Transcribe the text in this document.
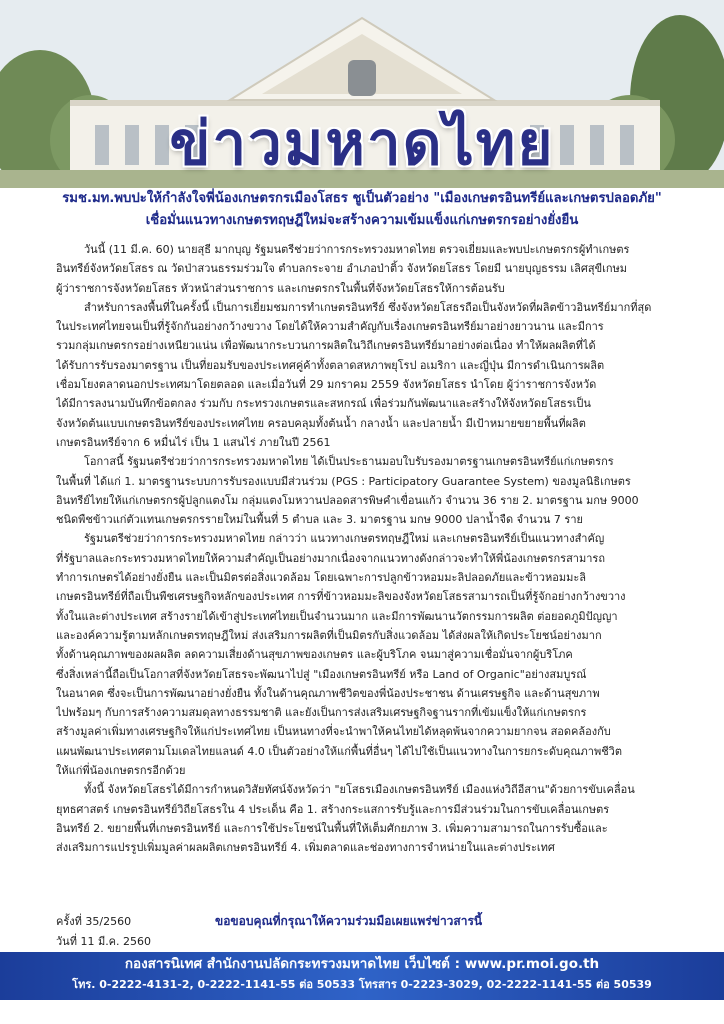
ข่าวมหาดไทย
รมช.มท.พบปะให้กำลังใจพี่น้องเกษตรกรเมืองโสธร ชูเป็นตัวอย่าง "เมืองเกษตรอินทรีย์และเกษตรปลอดภัย"
เชื่อมั่นแนวทางเกษตรทฤษฎีใหม่จะสร้างความเข้มแข็งแก่เกษตรกรอย่างยั่งยืน

วันนี้ (11 มี.ค. 60) นายสุธี มากบุญ รัฐมนตรีช่วยว่าการกระทรวงมหาดไทย ตรวจเยี่ยมและพบปะเกษตรกรผู้ทำเกษตร
อินทรีย์จังหวัดยโสธร ณ วัดป่าสวนธรรมร่วมใจ ตำบลกระจาย อำเภอป่าติ้ว จังหวัดยโสธร โดยมี นายบุญธรรม เลิศสุขีเกษม
ผู้ว่าราชการจังหวัดยโสธร หัวหน้าส่วนราชการ และเกษตรกรในพื้นที่จังหวัดยโสธรให้การต้อนรับ

สำหรับการลงพื้นที่ในครั้งนี้ เป็นการเยี่ยมชมการทำเกษตรอินทรีย์ ซึ่งจังหวัดยโสธรถือเป็นจังหวัดที่ผลิตข้าวอินทรีย์มากที่สุด
ในประเทศไทยจนเป็นที่รู้จักกันอย่างกว้างขวาง โดยได้ให้ความสำคัญกับเรื่องเกษตรอินทรีย์มาอย่างยาวนาน และมีการ
รวมกลุ่มเกษตรกรอย่างเหนียวแน่น เพื่อพัฒนากระบวนการผลิตในวิถีเกษตรอินทรีย์มาอย่างต่อเนื่อง ทำให้ผลผลิตที่ได้
ได้รับการรับรองมาตรฐาน เป็นที่ยอมรับของประเทศคู่ค้าทั้งตลาดสหภาพยุโรป อเมริกา และญี่ปุ่น มีการดำเนินการผลิต
เชื่อมโยงตลาดนอกประเทศมาโดยตลอด และเมื่อวันที่ 29 มกราคม 2559 จังหวัดยโสธร นำโดย ผู้ว่าราชการจังหวัด
ได้มีการลงนามบันทึกข้อตกลง ร่วมกับ กระทรวงเกษตรและสหกรณ์ เพื่อร่วมกันพัฒนาและสร้างให้จังหวัดยโสธรเป็น
จังหวัดต้นแบบเกษตรอินทรีย์ของประเทศไทย ครอบคลุมทั้งต้นน้ำ กลางน้ำ และปลายน้ำ มีเป้าหมายขยายพื้นที่ผลิต
เกษตรอินทรีย์จาก 6 หมื่นไร่ เป็น 1 แสนไร่ ภายในปี 2561

โอกาสนี้ รัฐมนตรีช่วยว่าการกระทรวงมหาดไทย ได้เป็นประธานมอบใบรับรองมาตรฐานเกษตรอินทรีย์แก่เกษตรกร
ในพื้นที่ ได้แก่ 1. มาตรฐานระบบการรับรองแบบมีส่วนร่วม (PGS : Participatory Guarantee System) ของมูลนิธิเกษตร
อินทรีย์ไทยให้แก่เกษตรกรผู้ปลูกแตงโม กลุ่มแตงโมหวานปลอดสารพิษคำเขื่อนแก้ว จำนวน 36 ราย 2. มาตรฐาน มกษ 9000
ชนิดพืชข้าวแก่ตัวแทนเกษตรกรรายใหม่ในพื้นที่ 5 ตำบล และ 3. มาตรฐาน มกษ 9000 ปลาน้ำจืด จำนวน 7 ราย

รัฐมนตรีช่วยว่าการกระทรวงมหาดไทย กล่าวว่า แนวทางเกษตรทฤษฎีใหม่ และเกษตรอินทรีย์เป็นแนวทางสำคัญ
ที่รัฐบาลและกระทรวงมหาดไทยให้ความสำคัญเป็นอย่างมากเนื่องจากแนวทางดังกล่าวจะทำให้พี่น้องเกษตรกรสามารถ
ทำการเกษตรได้อย่างยั่งยืน และเป็นมิตรต่อสิ่งแวดล้อม โดยเฉพาะการปลูกข้าวหอมมะลิปลอดภัยและข้าวหอมมะลิ
เกษตรอินทรีย์ที่ถือเป็นพืชเศรษฐกิจหลักของประเทศ การที่ข้าวหอมมะลิของจังหวัดยโสธรสามารถเป็นที่รู้จักอย่างกว้างขวาง
ทั้งในและต่างประเทศ สร้างรายได้เข้าสู่ประเทศไทยเป็นจำนวนมาก และมีการพัฒนานวัตกรรมการผลิต ต่อยอดภูมิปัญญา
และองค์ความรู้ตามหลักเกษตรทฤษฎีใหม่ ส่งเสริมการผลิตที่เป็นมิตรกับสิ่งแวดล้อม ได้ส่งผลให้เกิดประโยชน์อย่างมาก
ทั้งด้านคุณภาพของผลผลิต ลดความเสี่ยงด้านสุขภาพของเกษตร และผู้บริโภค จนมาสู่ความเชื่อมั่นจากผู้บริโภค
ซึ่งสิ่งเหล่านี้ถือเป็นโอกาสที่จังหวัดยโสธรจะพัฒนาไปสู่ "เมืองเกษตรอินทรีย์ หรือ Land of Organic"อย่างสมบูรณ์
ในอนาคต ซึ่งจะเป็นการพัฒนาอย่างยั่งยืน ทั้งในด้านคุณภาพชีวิตของพี่น้องประชาชน ด้านเศรษฐกิจ และด้านสุขภาพ
ไปพร้อมๆ กับการสร้างความสมดุลทางธรรมชาติ และยังเป็นการส่งเสริมเศรษฐกิจฐานรากที่เข้มแข็งให้แก่เกษตรกร
สร้างมูลค่าเพิ่มทางเศรษฐกิจให้แก่ประเทศไทย เป็นหนทางที่จะนำพาให้คนไทยได้หลุดพ้นจากความยากจน สอดคล้องกับ
แผนพัฒนาประเทศตามโมเดลไทยแลนด์ 4.0 เป็นตัวอย่างให้แก่พื้นที่อื่นๆ ได้ไปใช้เป็นแนวทางในการยกระดับคุณภาพชีวิต
ให้แก่พี่น้องเกษตรกรอีกด้วย

ทั้งนี้ จังหวัดยโสธรได้มีการกำหนดวิสัยทัศน์จังหวัดว่า "ยโสธรเมืองเกษตรอินทรีย์ เมืองแห่งวิถีอีสาน"ด้วยการขับเคลื่อน
ยุทธศาสตร์ เกษตรอินทรีย์วิถียโสธรใน 4 ประเด็น คือ 1. สร้างกระแสการรับรู้และการมีส่วนร่วมในการขับเคลื่อนเกษตร
อินทรีย์ 2. ขยายพื้นที่เกษตรอินทรีย์ และการใช้ประโยชน์ในพื้นที่ให้เต็มศักยภาพ 3. เพิ่มความสามารถในการรับซื้อและ
ส่งเสริมการแปรรูปเพิ่มมูลค่าผลผลิตเกษตรอินทรีย์ 4. เพิ่มตลาดและช่องทางการจำหน่ายในและต่างประเทศ

ครั้งที่ 35/2560
วันที่ 11 มี.ค. 2560
ขอขอบคุณที่กรุณาให้ความร่วมมือเผยแพร่ข่าวสารนี้
กองสารนิเทศ สำนักงานปลัดกระทรวงมหาดไทย เว็บไซต์ : www.pr.moi.go.th
โทร. 0-2222-4131-2, 0-2222-1141-55 ต่อ 50533 โทรสาร 0-2223-3029, 02-2222-1141-55 ต่อ 50539
